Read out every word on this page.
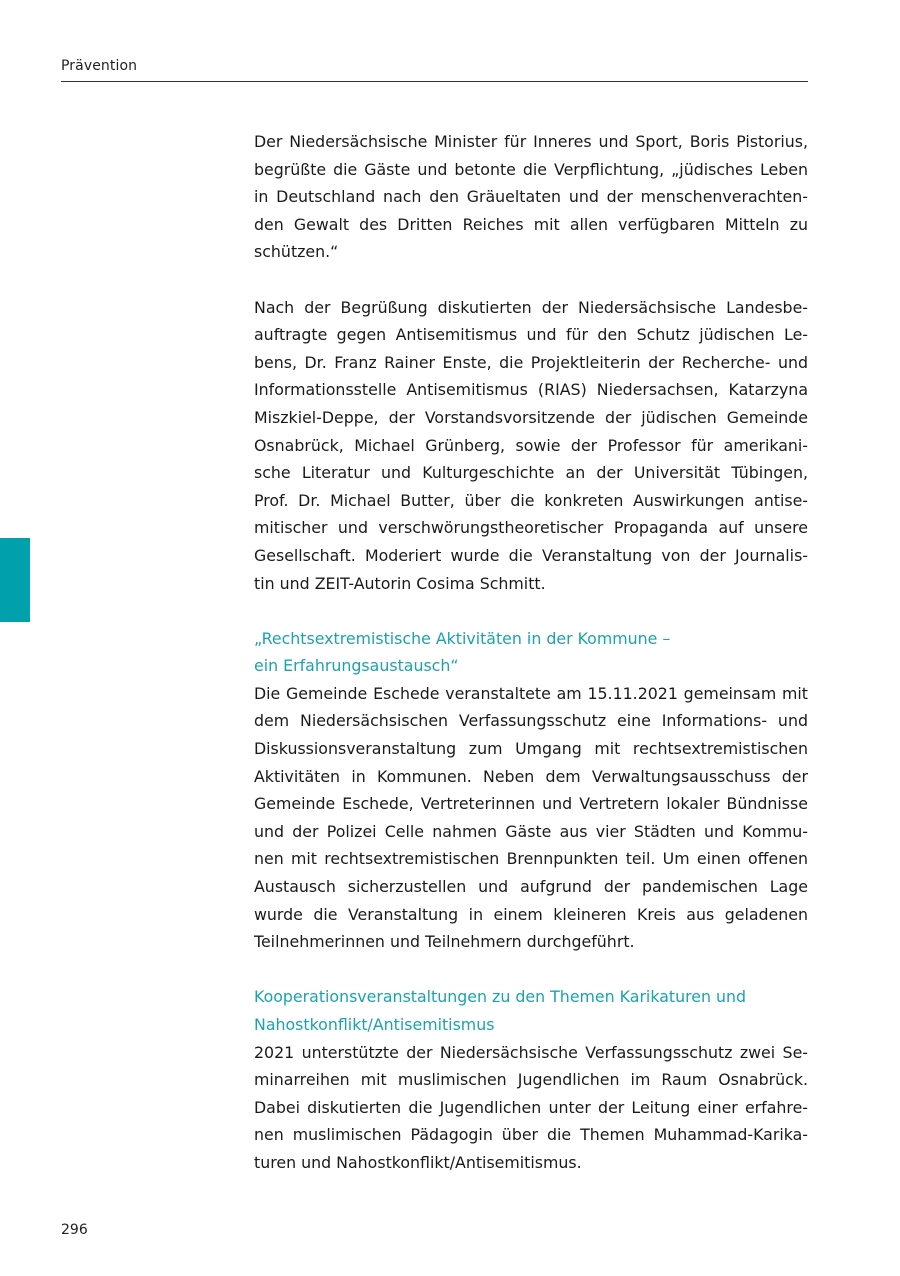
Prävention
Der Niedersächsische Minister für Inneres und Sport, Boris Pistorius,
begrüßte die Gäste und betonte die Verpflichtung, „jüdisches Leben
in Deutschland nach den Gräueltaten und der menschenverachten-
den Gewalt des Dritten Reiches mit allen verfügbaren Mitteln zu
schützen.“
Nach der Begrüßung diskutierten der Niedersächsische Landesbe-
auftragte gegen Antisemitismus und für den Schutz jüdischen Le-
bens, Dr. Franz Rainer Enste, die Projektleiterin der Recherche- und
Informationsstelle Antisemitismus (RIAS) Niedersachsen, Katarzyna
Miszkiel-Deppe, der Vorstandsvorsitzende der jüdischen Gemeinde
Osnabrück, Michael Grünberg, sowie der Professor für amerikani-
sche Literatur und Kulturgeschichte an der Universität Tübingen,
Prof. Dr. Michael Butter, über die konkreten Auswirkungen antise-
mitischer und verschwörungstheoretischer Propaganda auf unsere
Gesellschaft. Moderiert wurde die Veranstaltung von der Journalis-
tin und ZEIT-Autorin Cosima Schmitt.
„Rechtsextremistische Aktivitäten in der Kommune –
ein Erfahrungsaustausch“
Die Gemeinde Eschede veranstaltete am 15.11.2021 gemeinsam mit
dem Niedersächsischen Verfassungsschutz eine Informations- und
Diskussionsveranstaltung zum Umgang mit rechtsextremistischen
Aktivitäten in Kommunen. Neben dem Verwaltungsausschuss der
Gemeinde Eschede, Vertreterinnen und Vertretern lokaler Bündnisse
und der Polizei Celle nahmen Gäste aus vier Städten und Kommu-
nen mit rechtsextremistischen Brennpunkten teil. Um einen offenen
Austausch sicherzustellen und aufgrund der pandemischen Lage
wurde die Veranstaltung in einem kleineren Kreis aus geladenen
Teilnehmerinnen und Teilnehmern durchgeführt.
Kooperationsveranstaltungen zu den Themen Karikaturen und
Nahostkonflikt/Antisemitismus
2021 unterstützte der Niedersächsische Verfassungsschutz zwei Se-
minarreihen mit muslimischen Jugendlichen im Raum Osnabrück.
Dabei diskutierten die Jugendlichen unter der Leitung einer erfahre-
nen muslimischen Pädagogin über die Themen Muhammad-Karika-
turen und Nahostkonflikt/Antisemitismus.
296
